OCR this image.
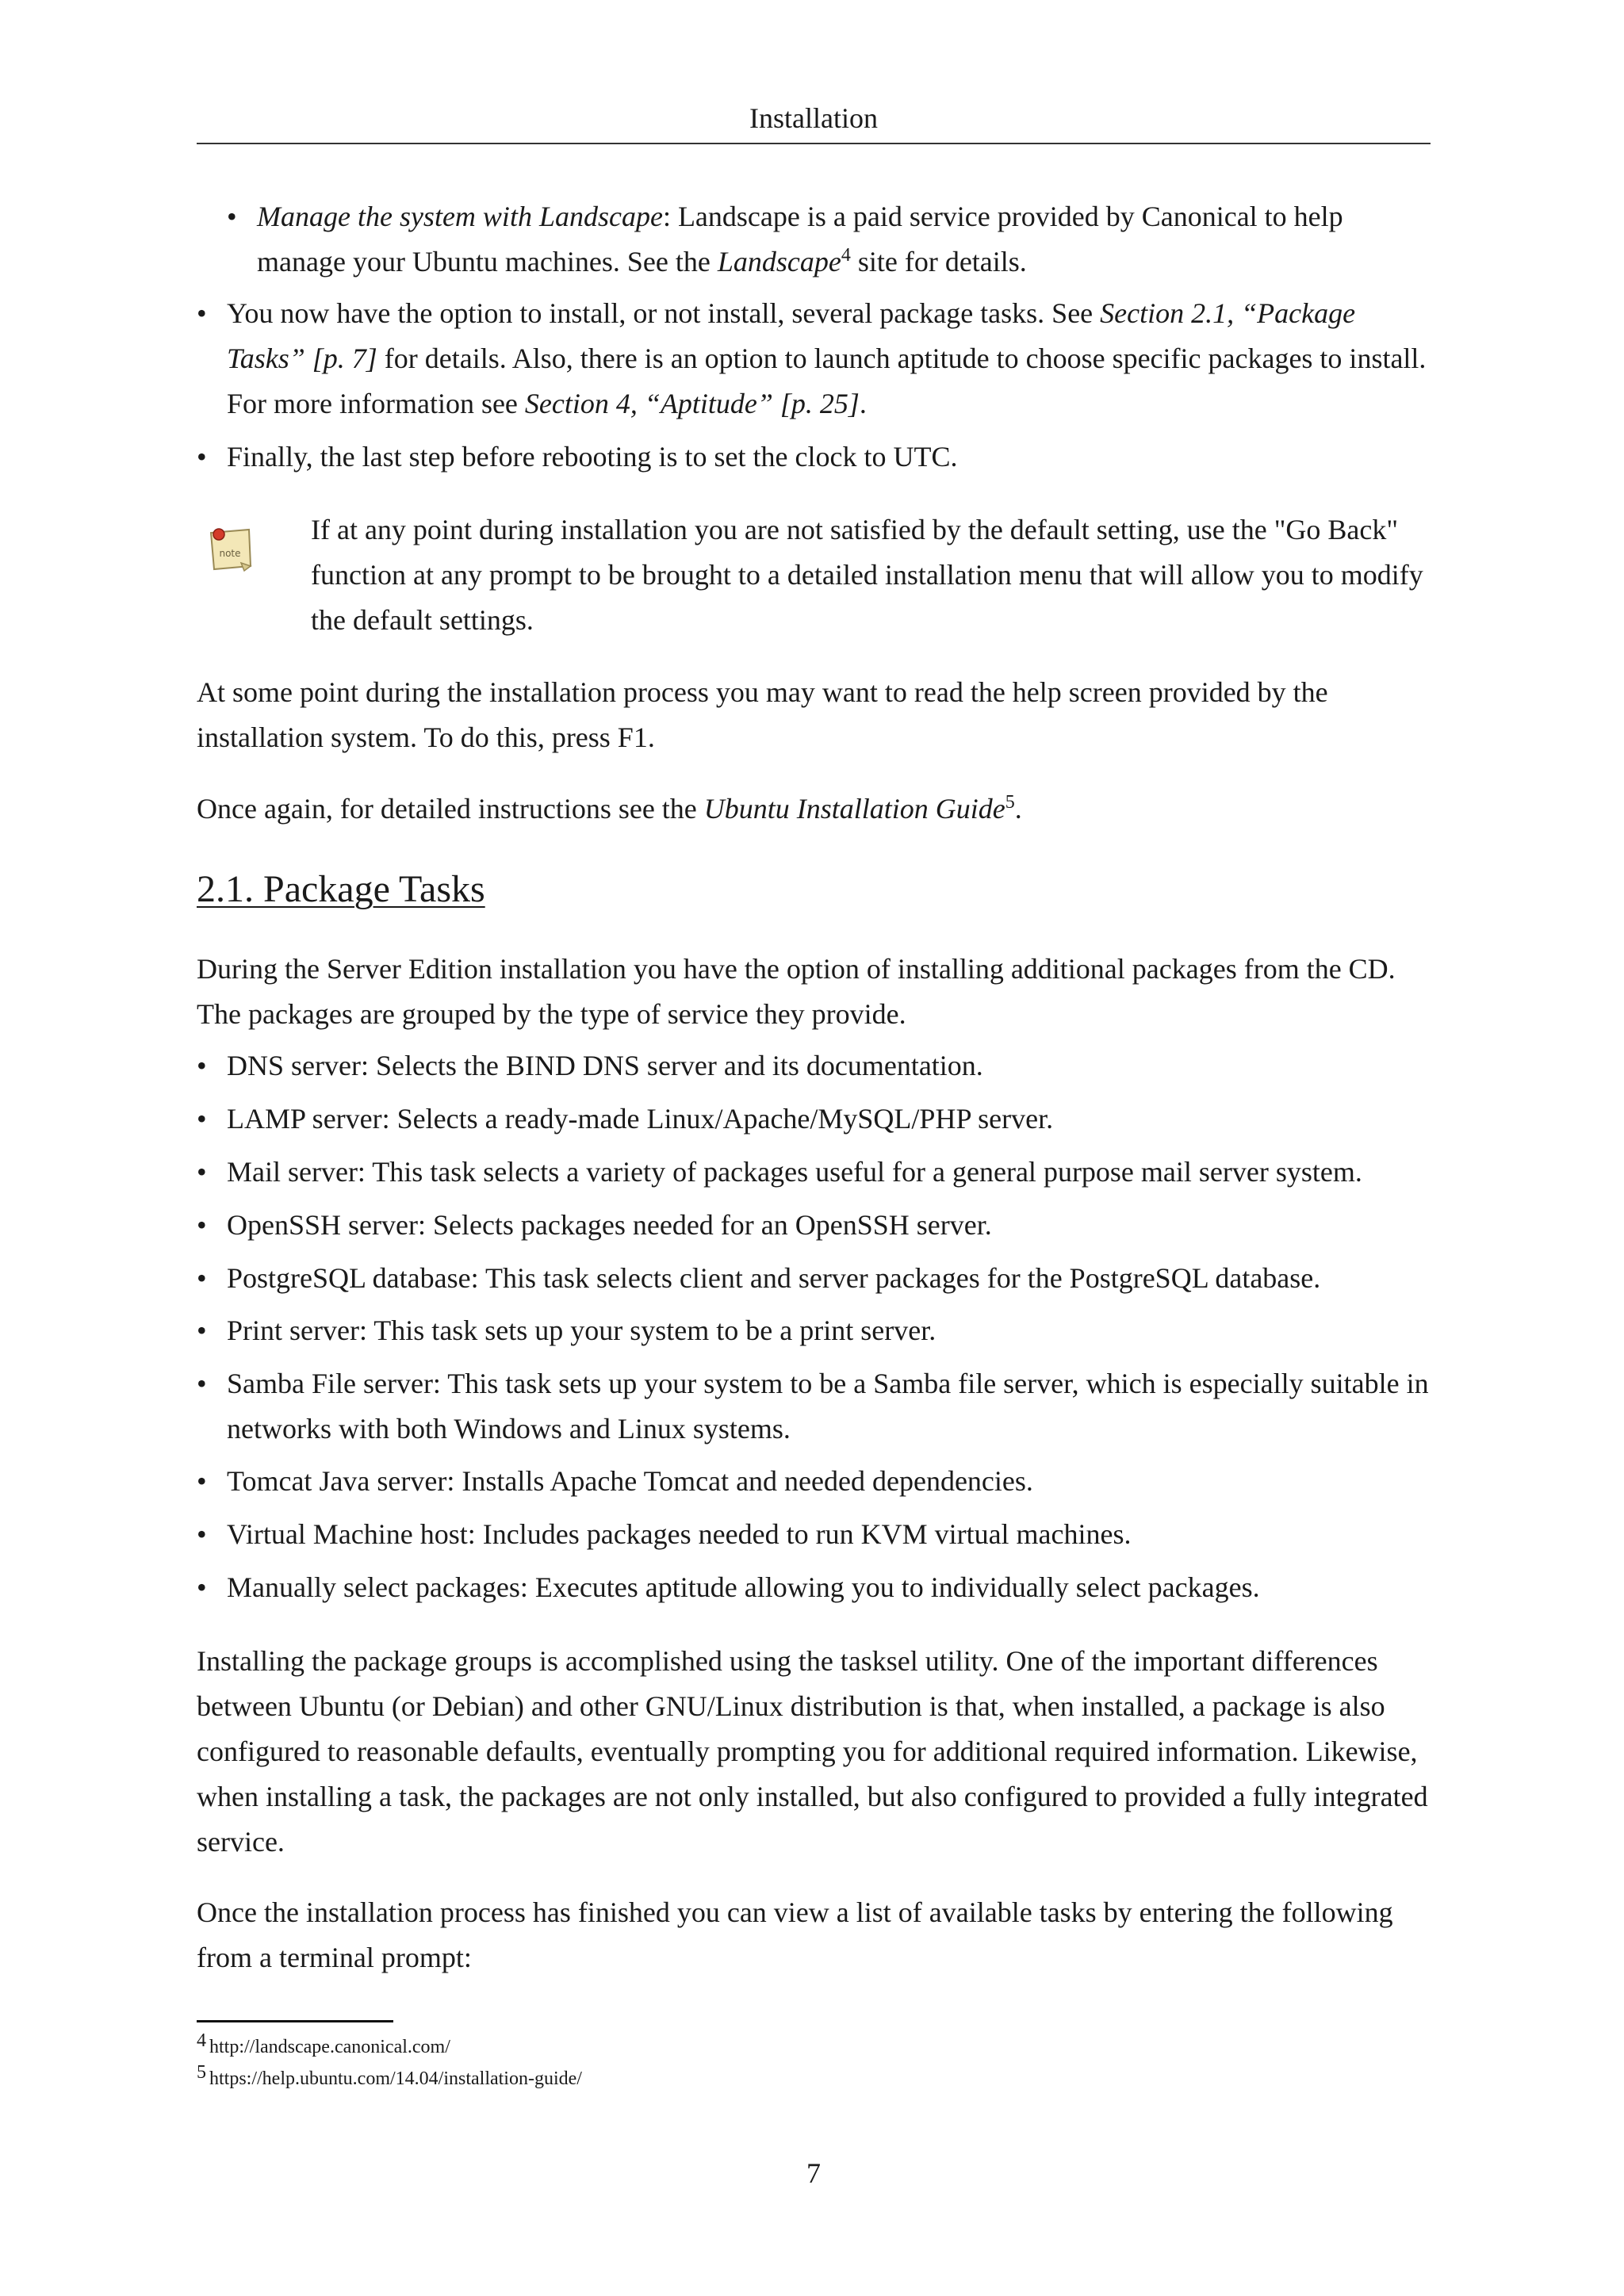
Installation
• Manage the system with Landscape: Landscape is a paid service provided by Canonical to help manage your Ubuntu machines. See the Landscape$^4$ site for details.
• You now have the option to install, or not install, several package tasks. See Section 2.1, “Package Tasks” [p. 7] for details. Also, there is an option to launch aptitude to choose specific packages to install. For more information see Section 4, “Aptitude” [p. 25].
• Finally, the last step before rebooting is to set the clock to UTC.
note
If at any point during installation you are not satisfied by the default setting, use the "Go Back" function at any prompt to be brought to a detailed installation menu that will allow you to modify the default settings.
At some point during the installation process you may want to read the help screen provided by the installation system. To do this, press F1.
Once again, for detailed instructions see the Ubuntu Installation Guide$^5$.
2.1. Package Tasks
During the Server Edition installation you have the option of installing additional packages from the CD. The packages are grouped by the type of service they provide.
• DNS server: Selects the BIND DNS server and its documentation.
• LAMP server: Selects a ready-made Linux/Apache/MySQL/PHP server.
• Mail server: This task selects a variety of packages useful for a general purpose mail server system.
• OpenSSH server: Selects packages needed for an OpenSSH server.
• PostgreSQL database: This task selects client and server packages for the PostgreSQL database.
• Print server: This task sets up your system to be a print server.
• Samba File server: This task sets up your system to be a Samba file server, which is especially suitable in networks with both Windows and Linux systems.
• Tomcat Java server: Installs Apache Tomcat and needed dependencies.
• Virtual Machine host: Includes packages needed to run KVM virtual machines.
• Manually select packages: Executes aptitude allowing you to individually select packages.
Installing the package groups is accomplished using the tasksel utility. One of the important differences between Ubuntu (or Debian) and other GNU/Linux distribution is that, when installed, a package is also configured to reasonable defaults, eventually prompting you for additional required information. Likewise, when installing a task, the packages are not only installed, but also configured to provided a fully integrated service.
Once the installation process has finished you can view a list of available tasks by entering the following from a terminal prompt:
4 http://landscape.canonical.com/
5 https://help.ubuntu.com/14.04/installation-guide/
7
